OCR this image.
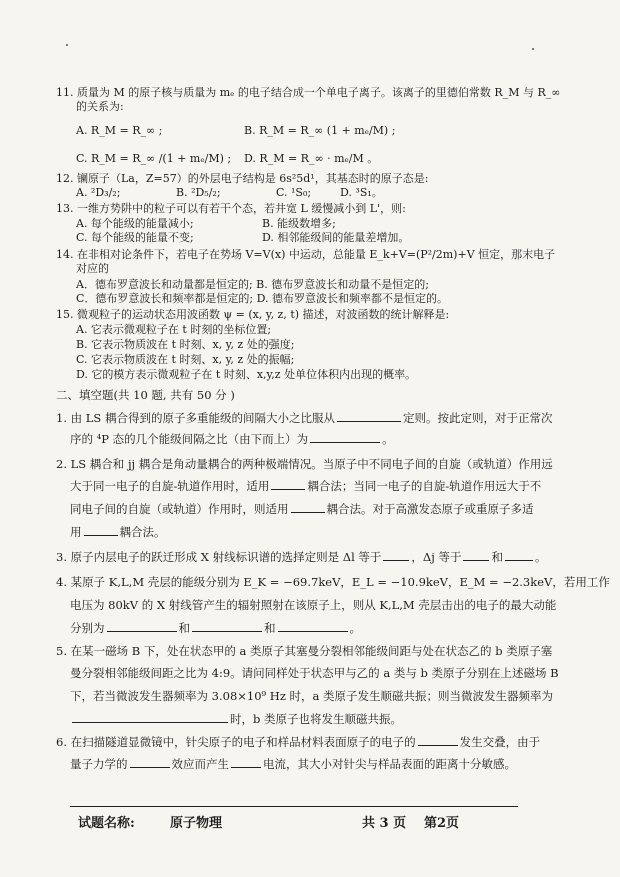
11. 质量为 M 的原子核与质量为 mₑ 的电子结合成一个单电子离子。该离子的里德伯常数 R_M 与 R_∞
的关系为:
A. R_M = R_∞ ;	B. R_M = R_∞ (1 + mₑ/M) ;
C. R_M = R_∞ /(1 + mₑ/M) ; D. R_M = R_∞ · mₑ/M 。
12. 镧原子（La，Z=57）的外层电子结构是 6s²5d¹，其基态时的原子态是:
A. ²D₃/₂;	B. ²D₅/₂;	C. ¹S₀;	D. ³S₁。
13. 一维方势阱中的粒子可以有若干个态，若井宽 L 缓慢减小到 L'，则:
A. 每个能级的能量减小;	B. 能级数增多;
C. 每个能级的能量不变;	D. 相邻能级间的能量差增加。
14. 在非相对论条件下，若电子在势场 V=V(x) 中运动，总能量 E_k+V=(P²/2m)+V 恒定，那末电子
对应的
A．德布罗意波长和动量都是恒定的; B. 德布罗意波长和动量不是恒定的;
C．德布罗意波长和频率都是恒定的; D. 德布罗意波长和频率都不是恒定的。
15. 微观粒子的运动状态用波函数 ψ = (x, y, z, t) 描述，对波函数的统计解释是:
A. 它表示微观粒子在 t 时刻的坐标位置;
B. 它表示物质波在 t 时刻、x, y, z 处的强度;
C. 它表示物质波在 t 时刻、x, y, z 处的振幅;
D. 它的模方表示微观粒子在 t 时刻、x,y,z 处单位体积内出现的概率。
二、填空题(共 10 题, 共有 50 分 )
1. 由 LS 耦合得到的原子多重能级的间隔大小之比服从	定则。按此定则，对于正常次
序的 ⁴P 态的几个能级间隔之比（由下而上）为	。
2. LS 耦合和 jj 耦合是角动量耦合的两种极端情况。当原子中不同电子间的自旋（或轨道）作用远
大于同一电子的自旋-轨道作用时，适用	耦合法；当同一电子的自旋-轨道作用远大于不
同电子间的自旋（或轨道）作用时，则适用	耦合法。对于高激发态原子或重原子多适
用	耦合法。
3. 原子内层电子的跃迁形成 X 射线标识谱的选择定则是 Δl 等于	，Δj 等于	和	。
4. 某原子 K,L,M 壳层的能级分别为 E_K = −69.7keV，E_L = −10.9keV，E_M = −2.3keV，若用工作
电压为 80kV 的 X 射线管产生的辐射照射在该原子上，则从 K,L,M 壳层击出的电子的最大动能
分别为	和	和	。
5. 在某一磁场 B 下，处在状态甲的 a 类原子其塞曼分裂相邻能级间距与处在状态乙的 b 类原子塞
曼分裂相邻能级间距之比为 4:9。请问同样处于状态甲与乙的 a 类与 b 类原子分别在上述磁场 B
下，若当微波发生器频率为 3.08×10⁹ Hz 时，a 类原子发生顺磁共振；则当微波发生器频率为
时，b 类原子也将发生顺磁共振。
6. 在扫描隧道显微镜中，针尖原子的电子和样品材料表面原子的电子的	发生交叠，由于
量子力学的	效应而产生	电流，其大小对针尖与样品表面的距离十分敏感。
试题名称:	原子物理	共 3 页 第2页
